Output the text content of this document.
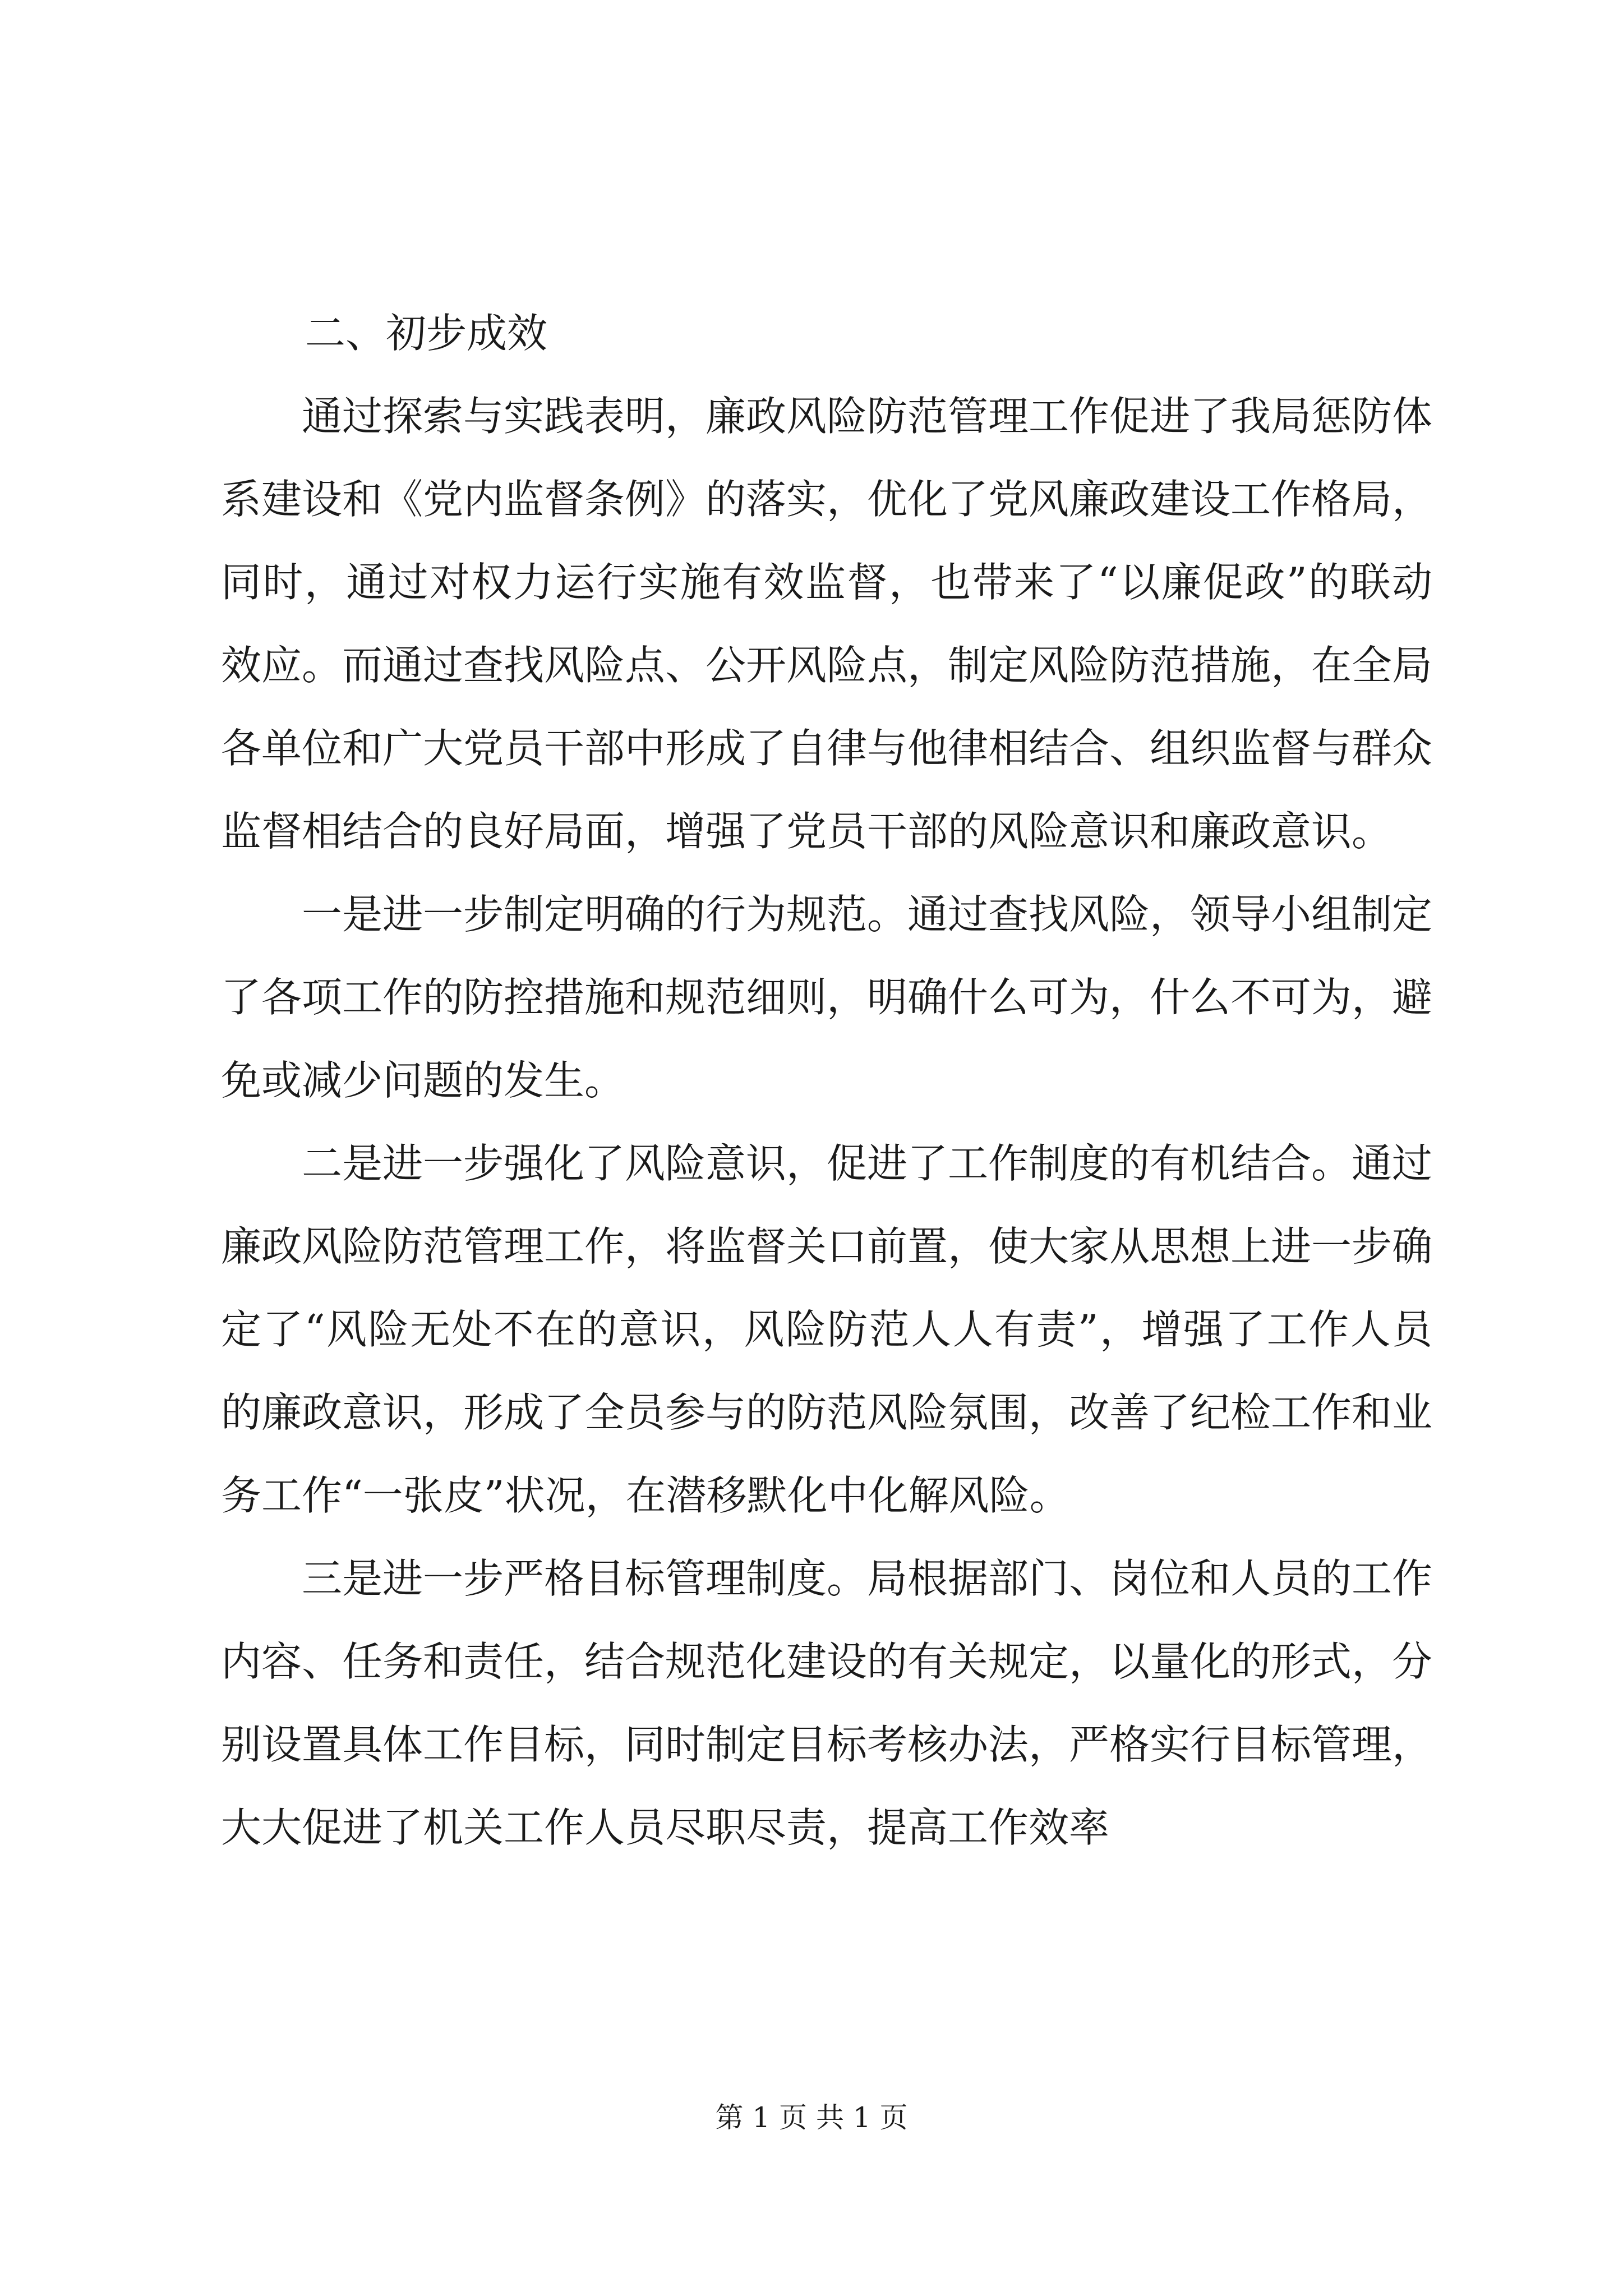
二、初步成效

通过探索与实践表明，廉政风险防范管理工作促进了我局惩防体系建设和《党内监督条例》的落实，优化了党风廉政建设工作格局，同时，通过对权力运行实施有效监督，也带来了“以廉促政”的联动效应。而通过查找风险点、公开风险点，制定风险防范措施，在全局各单位和广大党员干部中形成了自律与他律相结合、组织监督与群众监督相结合的良好局面，增强了党员干部的风险意识和廉政意识。

一是进一步制定明确的行为规范。通过查找风险，领导小组制定了各项工作的防控措施和规范细则，明确什么可为，什么不可为，避免或减少问题的发生。

二是进一步强化了风险意识，促进了工作制度的有机结合。通过廉政风险防范管理工作，将监督关口前置，使大家从思想上进一步确定了“风险无处不在的意识，风险防范人人有责”，增强了工作人员的廉政意识，形成了全员参与的防范风险氛围，改善了纪检工作和业务工作“一张皮”状况，在潜移默化中化解风险。

三是进一步严格目标管理制度。局根据部门、岗位和人员的工作内容、任务和责任，结合规范化建设的有关规定，以量化的形式，分别设置具体工作目标，同时制定目标考核办法，严格实行目标管理，大大促进了机关工作人员尽职尽责，提高工作效率

第 1 页 共 1 页
